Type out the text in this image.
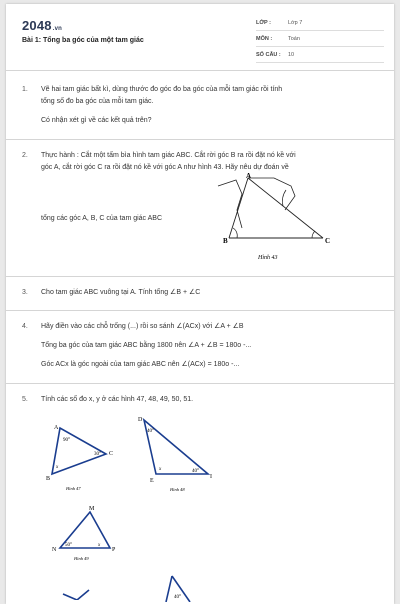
2048.vn
Bài 1: Tổng ba góc của một tam giác
LỚP :	Lớp 7
MÔN :	Toán
SỐ CÂU : 10
1. Vẽ hai tam giác bất kì, dùng thước đo góc đo ba góc của mỗi tam giác rồi tính
tổng số đo ba góc của mỗi tam giác.
Có nhận xét gì về các kết quả trên?
2. Thực hành : Cắt một tấm bìa hình tam giác ABC. Cắt rời góc B ra rồi đặt nó kề với
góc A, cắt rời góc C ra rồi đặt nó kề với góc A như hình 43. Hãy nêu dự đoán về
tổng các góc A, B, C của tam giác ABC
A
B	C
Hình 43
3. Cho tam giác ABC vuông tại A. Tính tổng ∠B + ∠C
4. Hãy điền vào các chỗ trống (...) rồi so sánh ∠(ACx) với ∠A + ∠B
Tổng ba góc của tam giác ABC bằng 1800 nên ∠A + ∠B = 180o -...
Góc ACx là góc ngoài của tam giác ABC nên ∠(ACx) = 180o -...
5. Tính các số đo x, y ở các hình 47, 48, 49, 50, 51.
A
B
C
90°
30°
x
Hình 47
D
E
I
40°
40°
x
Hình 48
M
N	P
50°	x
Hình 49
40°
